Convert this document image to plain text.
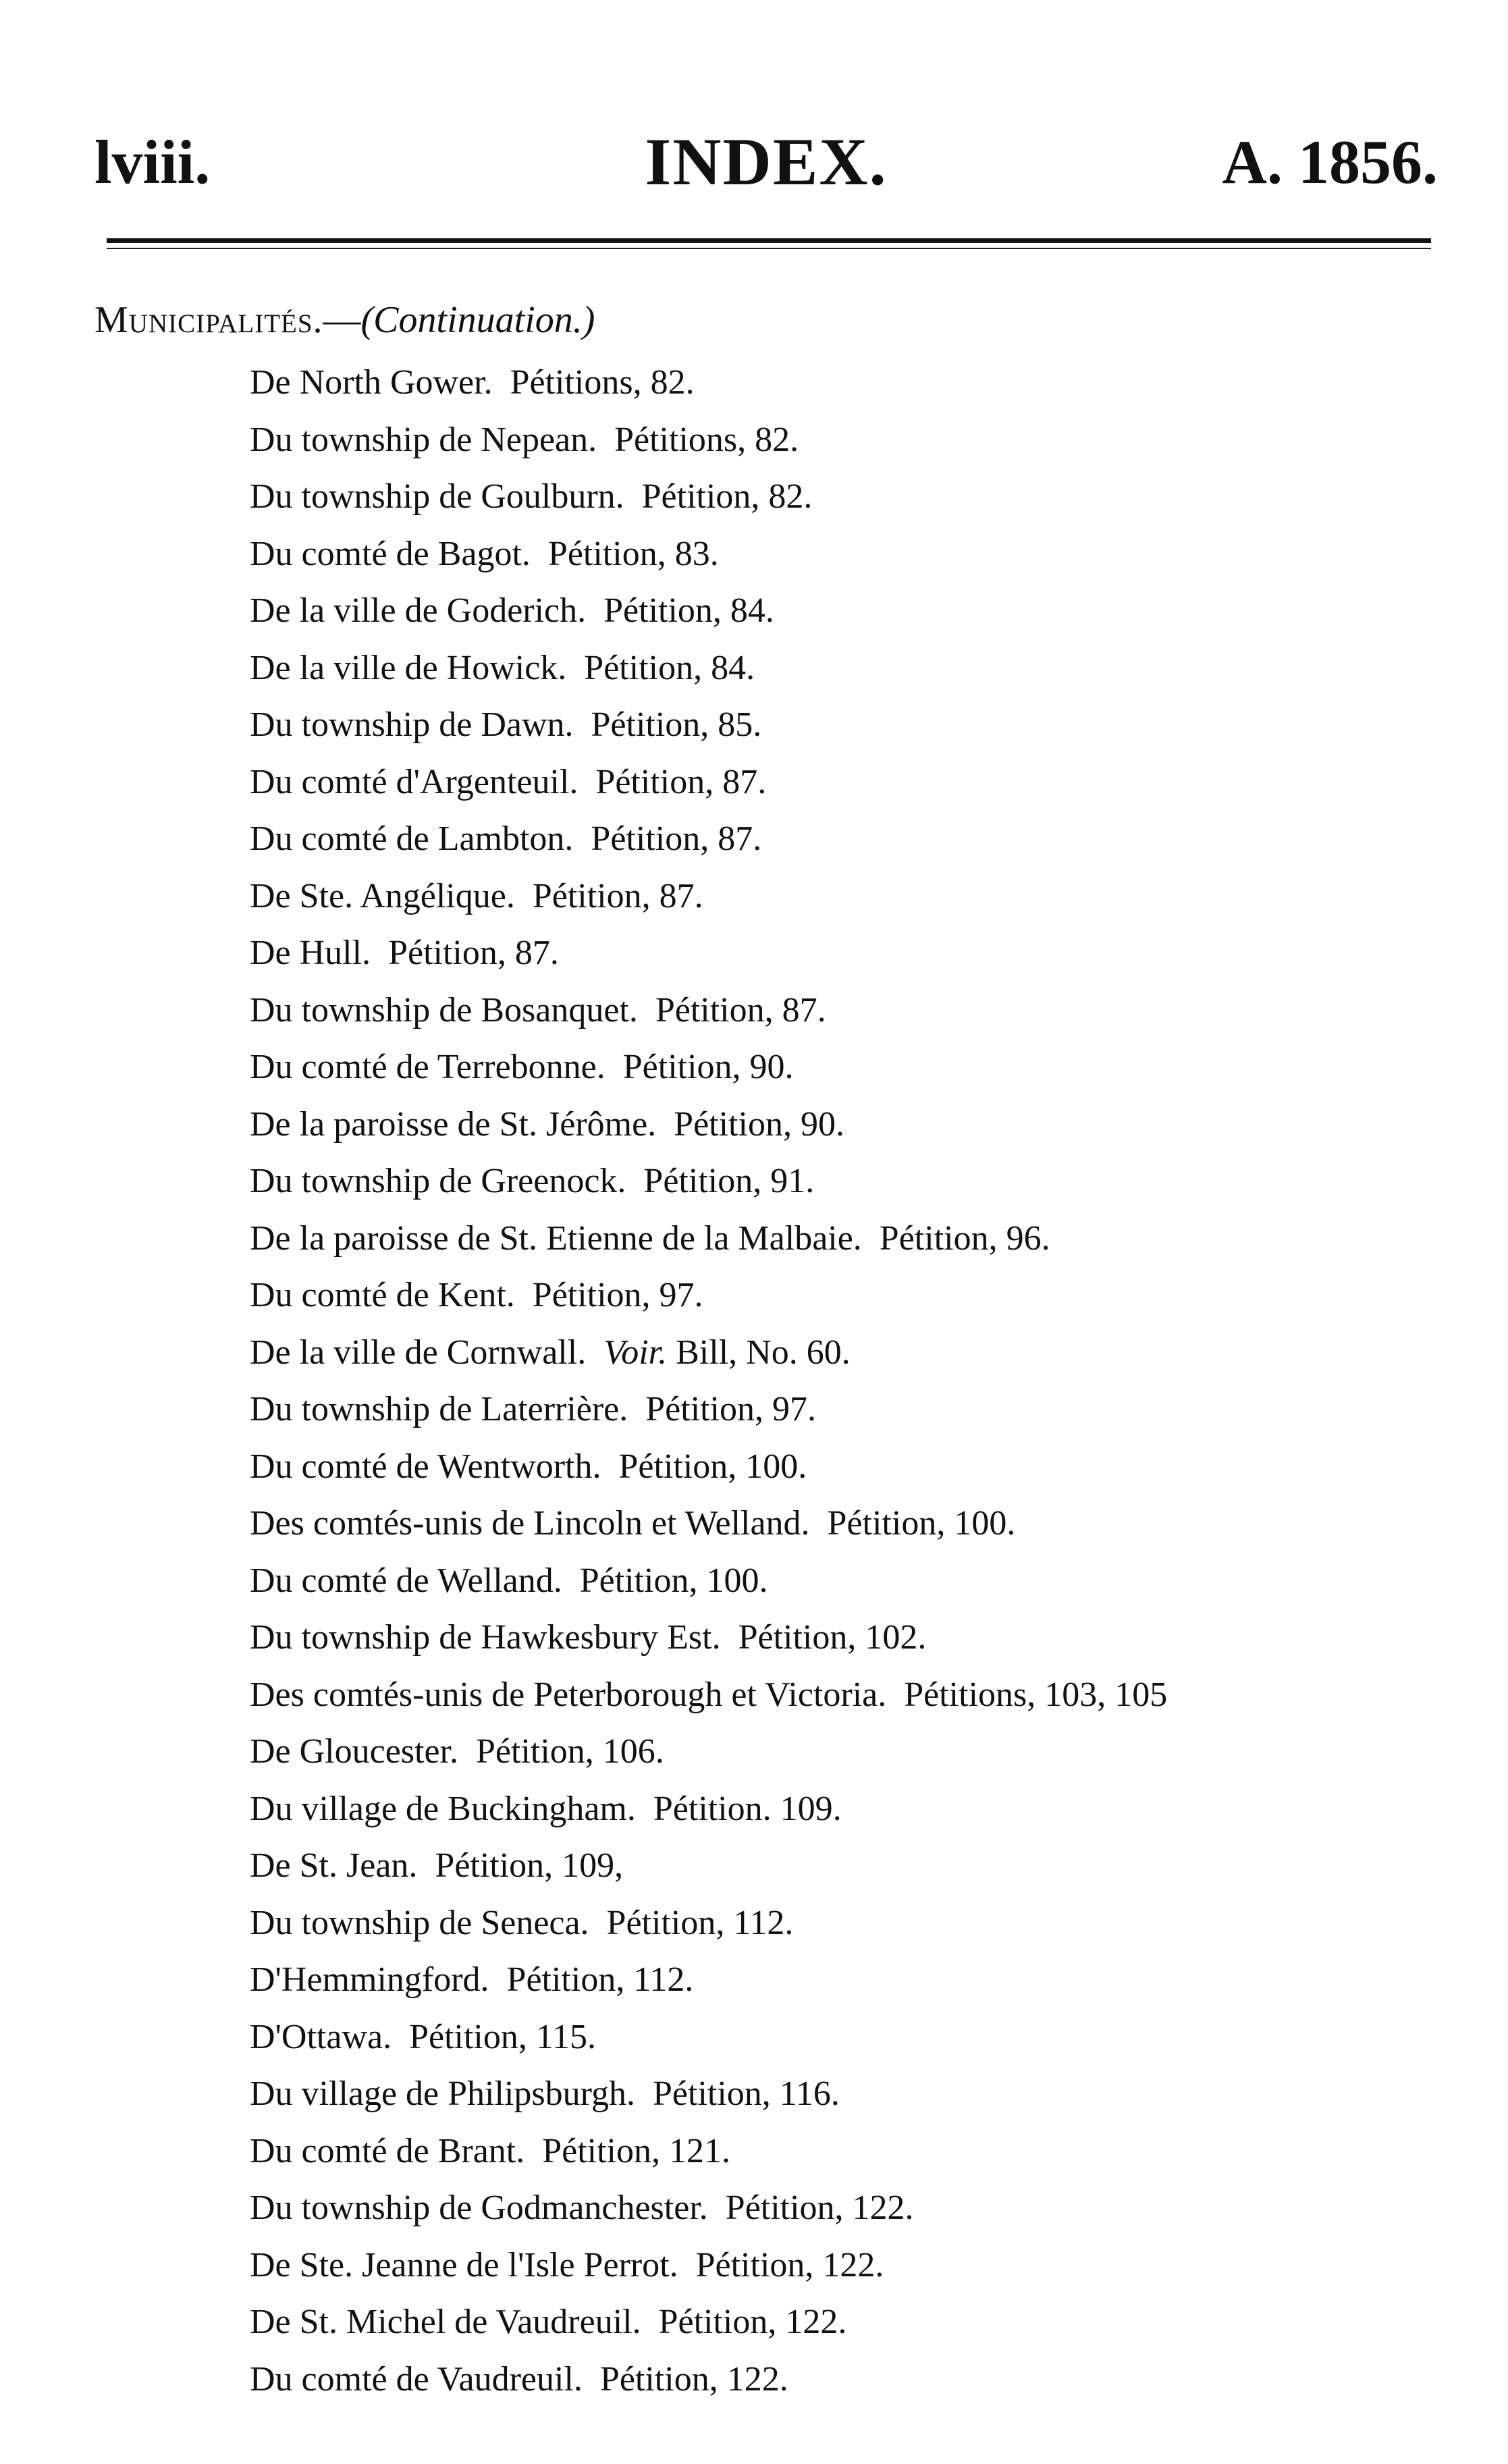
lviii.	INDEX.	A. 1856.
Municipalités.—(Continuation.)
De North Gower.  Pétitions, 82.
Du township de Nepean.  Pétitions, 82.
Du township de Goulburn.  Pétition, 82.
Du comté de Bagot.  Pétition, 83.
De la ville de Goderich.  Pétition, 84.
De la ville de Howick.  Pétition, 84.
Du township de Dawn.  Pétition, 85.
Du comté d'Argenteuil.  Pétition, 87.
Du comté de Lambton.  Pétition, 87.
De Ste. Angélique.  Pétition, 87.
De Hull.  Pétition, 87.
Du township de Bosanquet.  Pétition, 87.
Du comté de Terrebonne.  Pétition, 90.
De la paroisse de St. Jérôme.  Pétition, 90.
Du township de Greenock.  Pétition, 91.
De la paroisse de St. Etienne de la Malbaie.  Pétition, 96.
Du comté de Kent.  Pétition, 97.
De la ville de Cornwall.  Voir. Bill, No. 60.
Du township de Laterrière.  Pétition, 97.
Du comté de Wentworth.  Pétition, 100.
Des comtés-unis de Lincoln et Welland.  Pétition, 100.
Du comté de Welland.  Pétition, 100.
Du township de Hawkesbury Est.  Pétition, 102.
Des comtés-unis de Peterborough et Victoria.  Pétitions, 103, 105
De Gloucester.  Pétition, 106.
Du village de Buckingham.  Pétition. 109.
De St. Jean.  Pétition, 109,
Du township de Seneca.  Pétition, 112.
D'Hemmingford.  Pétition, 112.
D'Ottawa.  Pétition, 115.
Du village de Philipsburgh.  Pétition, 116.
Du comté de Brant.  Pétition, 121.
Du township de Godmanchester.  Pétition, 122.
De Ste. Jeanne de l'Isle Perrot.  Pétition, 122.
De St. Michel de Vaudreuil.  Pétition, 122.
Du comté de Vaudreuil.  Pétition, 122.
